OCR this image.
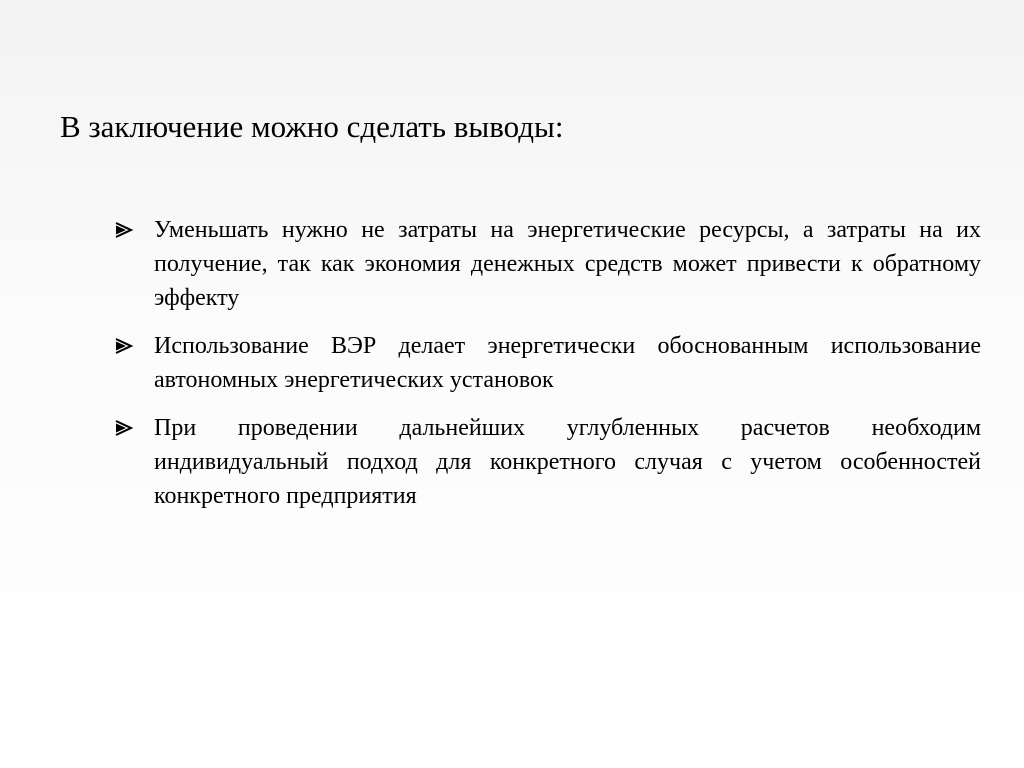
В заключение можно сделать выводы:
Уменьшать нужно не затраты на энергетические ресурсы, а затраты на их получение, так как экономия денежных средств может привести к обратному эффекту
Использование ВЭР делает энергетически обоснованным использование автономных энергетических установок
При проведении дальнейших углубленных расчетов необходим индивидуальный подход для конкретного случая с учетом особенностей конкретного предприятия
